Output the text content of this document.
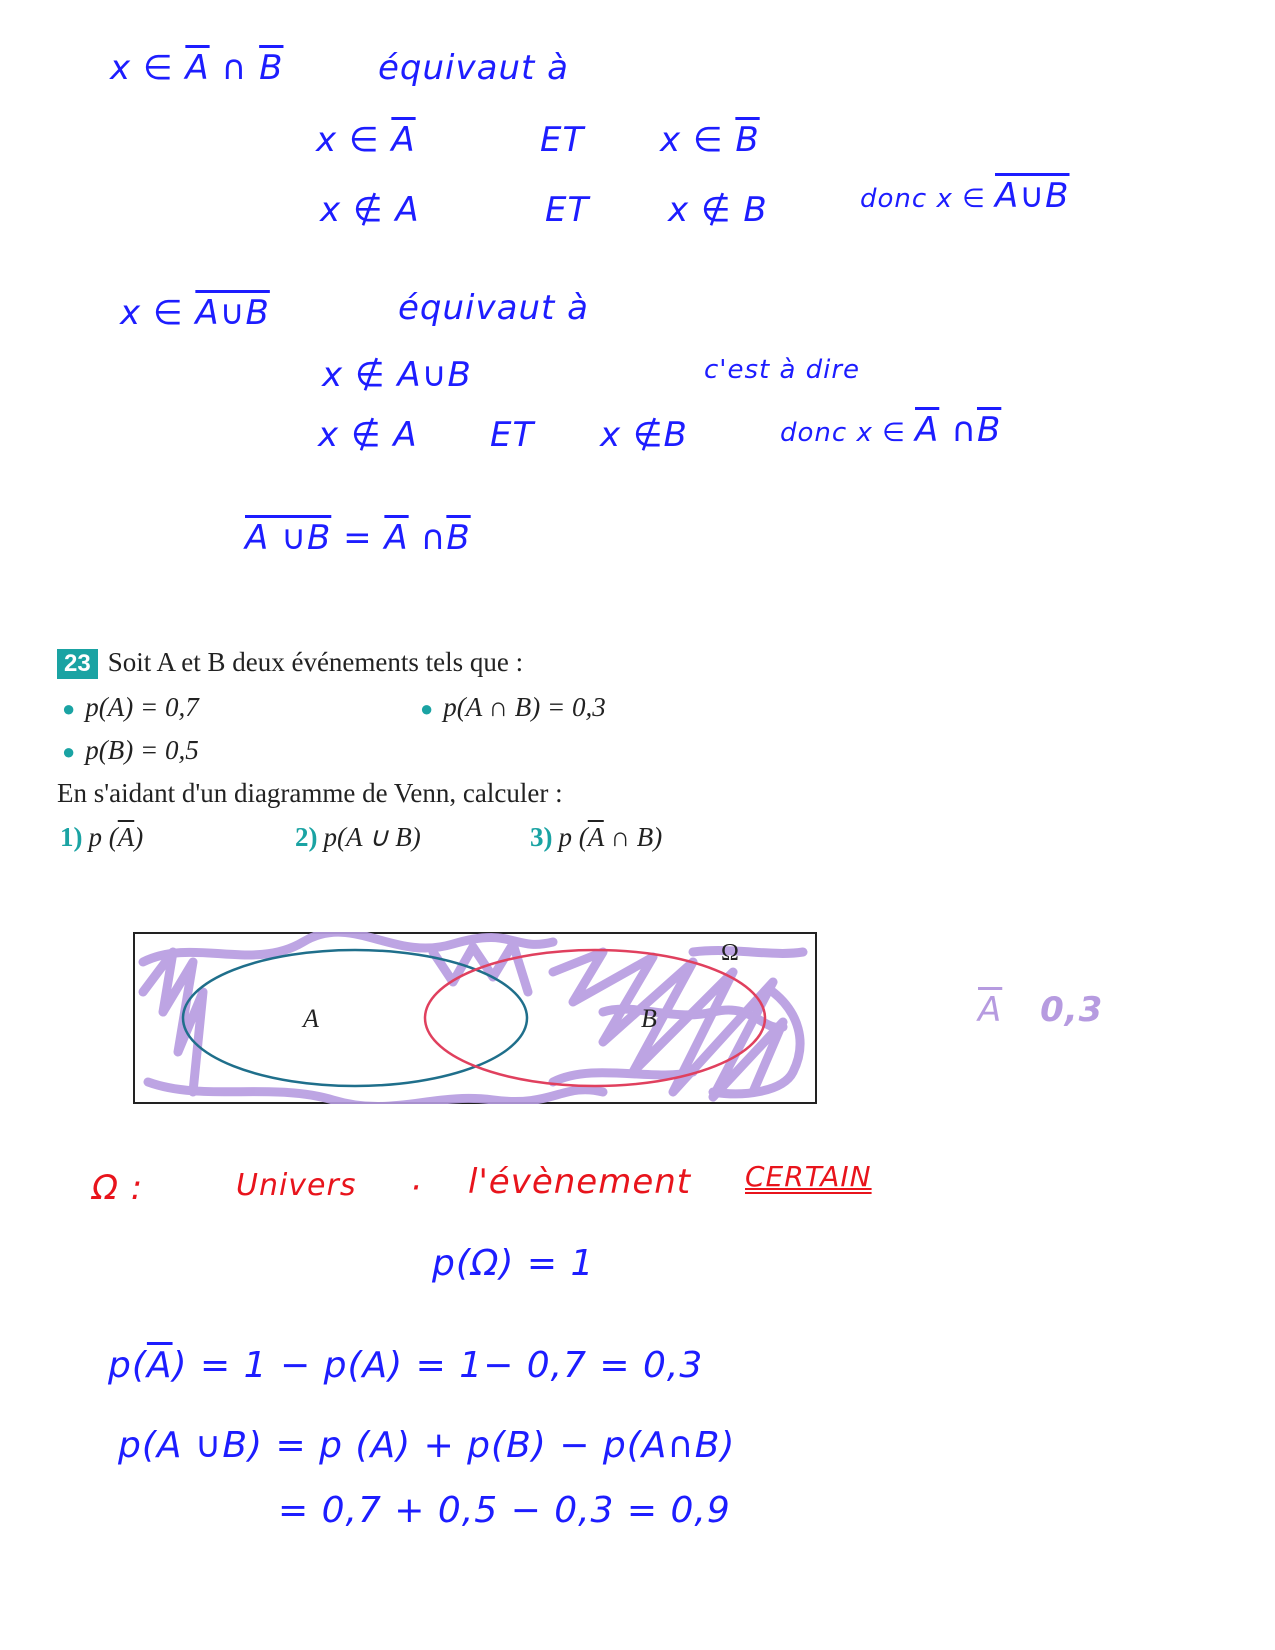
x ∈ $\overline{A}$ ∩ $\overline{B}$	équivaut à
x ∈ $\overline{A}$	ET x ∈ $\overline{B}$
x ∉ A	ET x ∉ B	donc x ∈ A∪B
x ∈ A∪B	équivaut à
x ∉ A∪B	c'est à dire
x ∉ A ET x ∉B	donc x ∈ $\overline{A}$ $\cap\overline{B}$
A ∪B = $\overline{A}$ $\cap\overline{B}$
23 Soit A et B deux événements tels que :
● p(A) = 0,7	● p(A ∩ B) = 0,3
● p(B) = 0,5
En s'aidant d'un diagramme de Venn, calculer :
1) p $(\overline{A})$	2) p(A ∪ B)	3) p ($\overline{A}$ ∩ B)
A	B
Ω
$\overline{A}$ 0,3
Ω :	Univers · l'évènement CERTAIN
p(Ω) = 1
$p(\overline{A}) = 1 - p(A) = 1- 0,7 = 0,3$
p(A ∪B) = p (A) + p(B) − p(A∩B)
= 0,7 + 0,5 − 0,3 = 0,9
